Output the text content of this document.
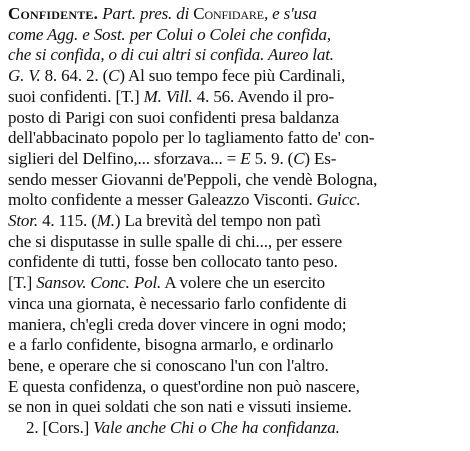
Confidente. Part. pres. di Confidare, e s'usa
come Agg. e Sost. per Colui o Colei che confida,
che si confida, o di cui altri si confida. Aureo lat.
G. V. 8. 64. 2. (C) Al suo tempo fece più Cardinali,
suoi confidenti. [T.] M. Vill. 4. 56. Avendo il pro-
posto di Parigi con suoi confidenti presa baldanza
dell'abbacinato popolo per lo tagliamento fatto de' con-
siglieri del Delfino,... sforzava... = E 5. 9. (C) Es-
sendo messer Giovanni de'Peppoli, che vendè Bologna,
molto confidente a messer Galeazzo Visconti. Guicc.
Stor. 4. 115. (M.) La brevità del tempo non patì
che si disputasse in sulle spalle di chi..., per essere
confidente di tutti, fosse ben collocato tanto peso.
[T.] Sansov. Conc. Pol. A volere che un esercito
vinca una giornata, è necessario farlo confidente di
maniera, ch'egli creda dover vincere in ogni modo;
e a farlo confidente, bisogna armarlo, e ordinarlo
bene, e operare che si conoscano l'un con l'altro.
E questa confidenza, o quest'ordine non può nascere,
se non in quei soldati che son nati e vissuti insieme.
2. [Cors.] Vale anche Chi o Che ha confidanza.
